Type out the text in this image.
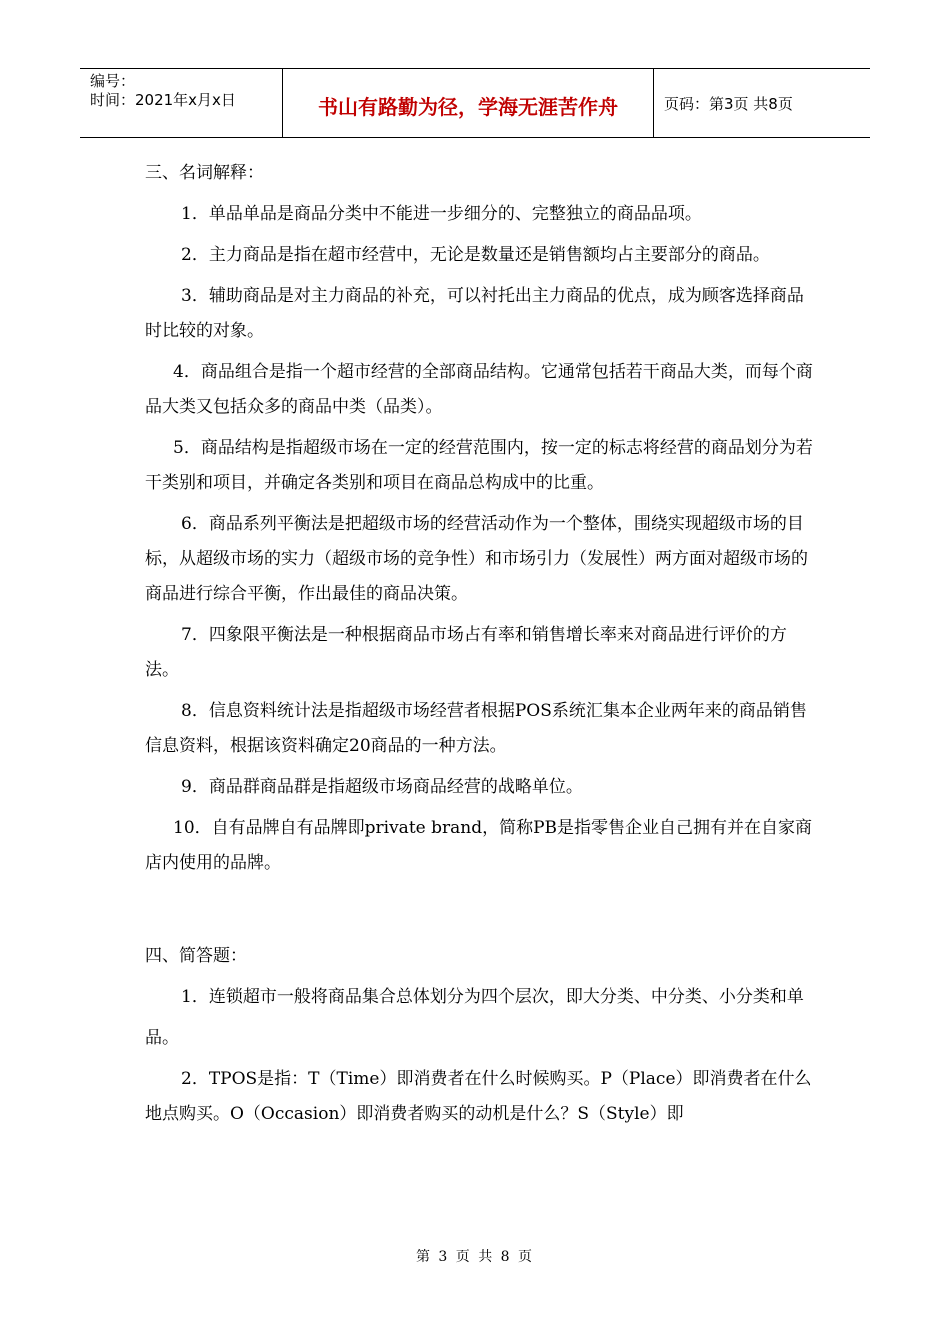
编号：
时间：2021年x月x日	书山有路勤为径，学海无涯苦作舟	页码：第3页 共8页

三、名词解释：

1．单品单品是商品分类中不能进一步细分的、完整独立的商品品项。

2．主力商品是指在超市经营中，无论是数量还是销售额均占主要部分的商品。

3．辅助商品是对主力商品的补充，可以衬托出主力商品的优点，成为顾客选择商品时比较的对象。

4．商品组合是指一个超市经营的全部商品结构。它通常包括若干商品大类，而每个商品大类又包括众多的商品中类（品类）。

5．商品结构是指超级市场在一定的经营范围内，按一定的标志将经营的商品划分为若干类别和项目，并确定各类别和项目在商品总构成中的比重。

6．商品系列平衡法是把超级市场的经营活动作为一个整体，围绕实现超级市场的目标，从超级市场的实力（超级市场的竞争性）和市场引力（发展性）两方面对超级市场的商品进行综合平衡，作出最佳的商品决策。

7．四象限平衡法是一种根据商品市场占有率和销售增长率来对商品进行评价的方法。

8．信息资料统计法是指超级市场经营者根据POS系统汇集本企业两年来的商品销售信息资料，根据该资料确定20商品的一种方法。

9．商品群商品群是指超级市场商品经营的战略单位。

10．自有品牌自有品牌即private brand，简称PB是指零售企业自己拥有并在自家商店内使用的品牌。

四、简答题：

1．连锁超市一般将商品集合总体划分为四个层次，即大分类、中分类、小分类和单

品。

2．TPOS是指：T（Time）即消费者在什么时候购买。P（Place）即消费者在什么地点购买。O（Occasion）即消费者购买的动机是什么？S（Style）即

第 3 页 共 8 页
